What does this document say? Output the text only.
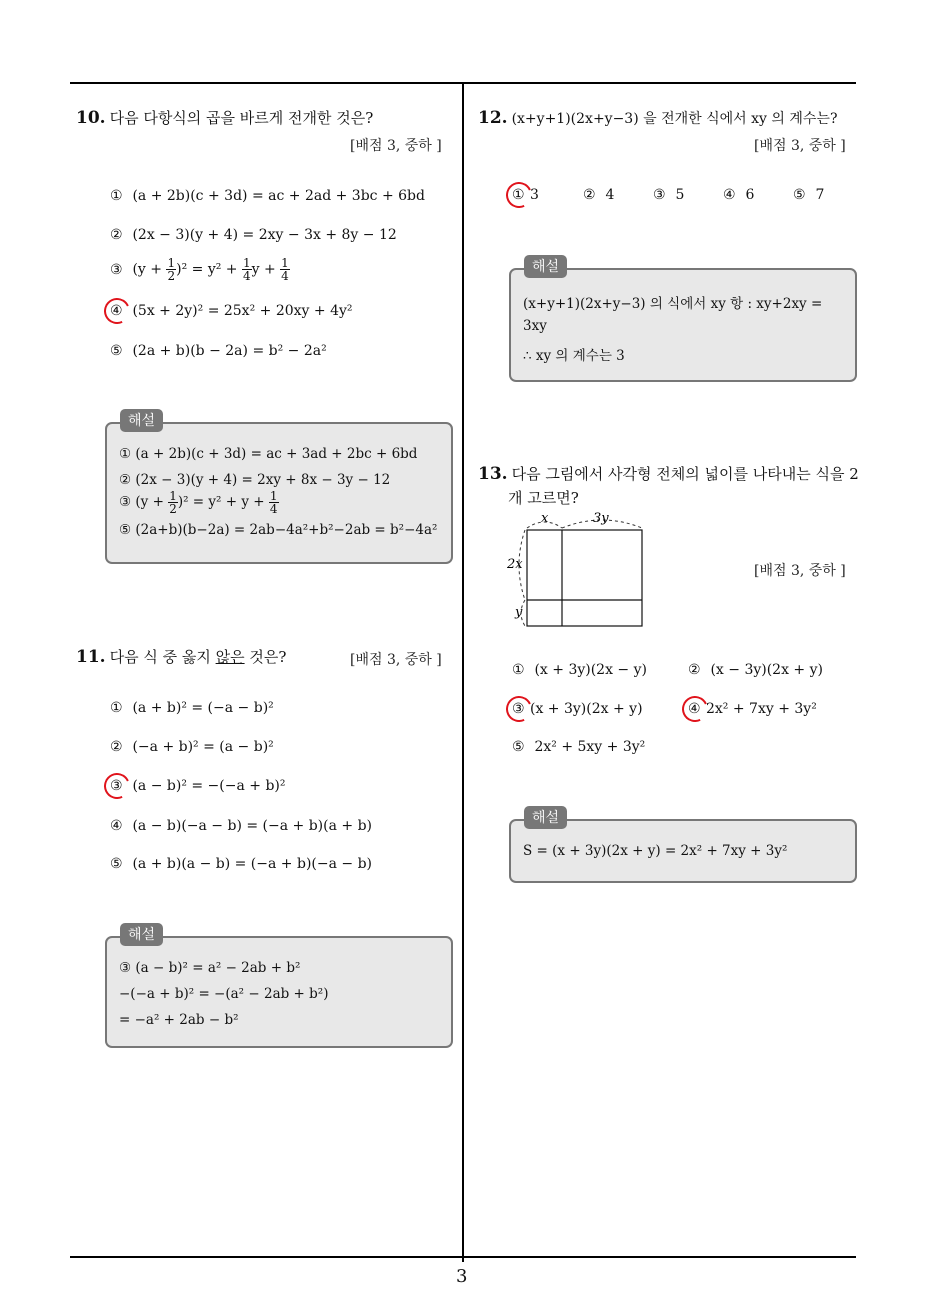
3
10. 다음 다항식의 곱을 바르게 전개한 것은?
[배점 3, 중하 ]
① (a + 2b)(c + 3d) = ac + 2ad + 3bc + 6bd
② (2x − 3)(y + 4) = 2xy − 3x + 8y − 12
③ $(y + \frac{1}{2} )^2 = y^2 + \frac{1}{4}$ $y + \frac{1}{4}$
④ (5x + 2y)² = 25x² + 20xy + 4y²
⑤ (2a + b)(b − 2a) = b² − 2a²
① (a + 2b)(c + 3d) = ac + 3ad + 2bc + 6bd
② (2x − 3)(y + 4) = 2xy + 8x − 3y − 12
③ $(y + \frac{1}{2} )^2 = y^2 + y + \frac{1}{4}$
⑤ (2a+b)(b−2a) = 2ab−4a²+b²−2ab = b²−4a²
해설
11. 다음 식 중 옳지 않은 것은?	[배점 3, 중하 ]
① (a + b)² = (−a − b)²
② (−a + b)² = (a − b)²
③ (a − b)² = −(−a + b)²
④ (a − b)(−a − b) = (−a + b)(a + b)
⑤ (a + b)(a − b) = (−a + b)(−a − b)
③ (a − b)² = a² − 2ab + b²
−(−a + b)² = −(a² − 2ab + b²)
= −a² + 2ab − b²
해설
12. (x+y+1)(2x+y−3) 을 전개한 식에서 xy 의 계수는?
[배점 3, 중하 ]
① 3	② 4	③ 5	④ 6	⑤ 7
(x+y+1)(2x+y−3) 의 식에서 xy 항 : xy+2xy =
3xy
∴ xy 의 계수는 3
해설
13. 다음 그림에서 사각형 전체의 넓이를 나타내는 식을 2
개 고르면?
[배점 3, 중하 ]
x	3y
2x
y
① (x + 3y)(2x − y)	② (x − 3y)(2x + y)
③ (x + 3y)(2x + y)	④ 2x² + 7xy + 3y²
⑤ 2x² + 5xy + 3y²
S = (x + 3y)(2x + y) = 2x² + 7xy + 3y²
해설
